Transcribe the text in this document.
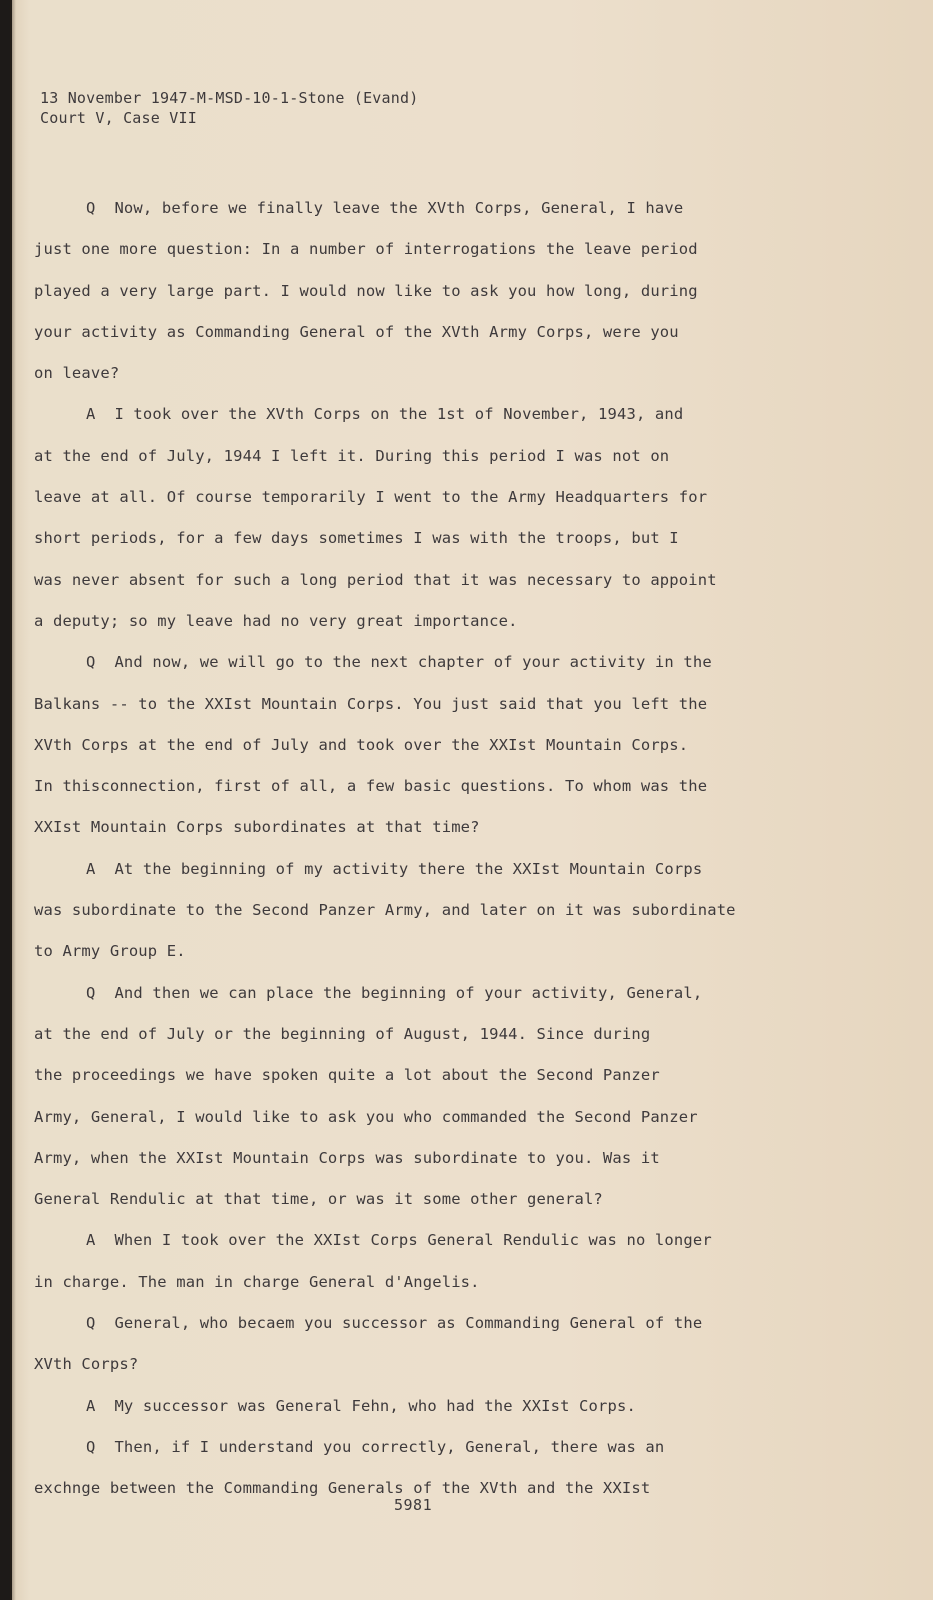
13 November 1947-M-MSD-10-1-Stone (Evand)
Court V, Case VII
Q  Now, before we finally leave the XVth Corps, General, I have
just one more question: In a number of interrogations the leave period
played a very large part. I would now like to ask you how long, during
your activity as Commanding General of the XVth Army Corps, were you
on leave?
A  I took over the XVth Corps on the 1st of November, 1943, and
at the end of July, 1944 I left it. During this period I was not on
leave at all. Of course temporarily I went to the Army Headquarters for
short periods, for a few days sometimes I was with the troops, but I
was never absent for such a long period that it was necessary to appoint
a deputy; so my leave had no very great importance.
Q  And now, we will go to the next chapter of your activity in the
Balkans -- to the XXIst Mountain Corps. You just said that you left the
XVth Corps at the end of July and took over the XXIst Mountain Corps.
In thisconnection, first of all, a few basic questions. To whom was the
XXIst Mountain Corps subordinates at that time?
A  At the beginning of my activity there the XXIst Mountain Corps
was subordinate to the Second Panzer Army, and later on it was subordinate
to Army Group E.
Q  And then we can place the beginning of your activity, General,
at the end of July or the beginning of August, 1944. Since during
the proceedings we have spoken quite a lot about the Second Panzer
Army, General, I would like to ask you who commanded the Second Panzer
Army, when the XXIst Mountain Corps was subordinate to you. Was it
General Rendulic at that time, or was it some other general?
A  When I took over the XXIst Corps General Rendulic was no longer
in charge. The man in charge General d'Angelis.
Q  General, who becaem you successor as Commanding General of the
XVth Corps?
A  My successor was General Fehn, who had the XXIst Corps.
Q  Then, if I understand you correctly, General, there was an
exchnge between the Commanding Generals of the XVth and the XXIst
5981
